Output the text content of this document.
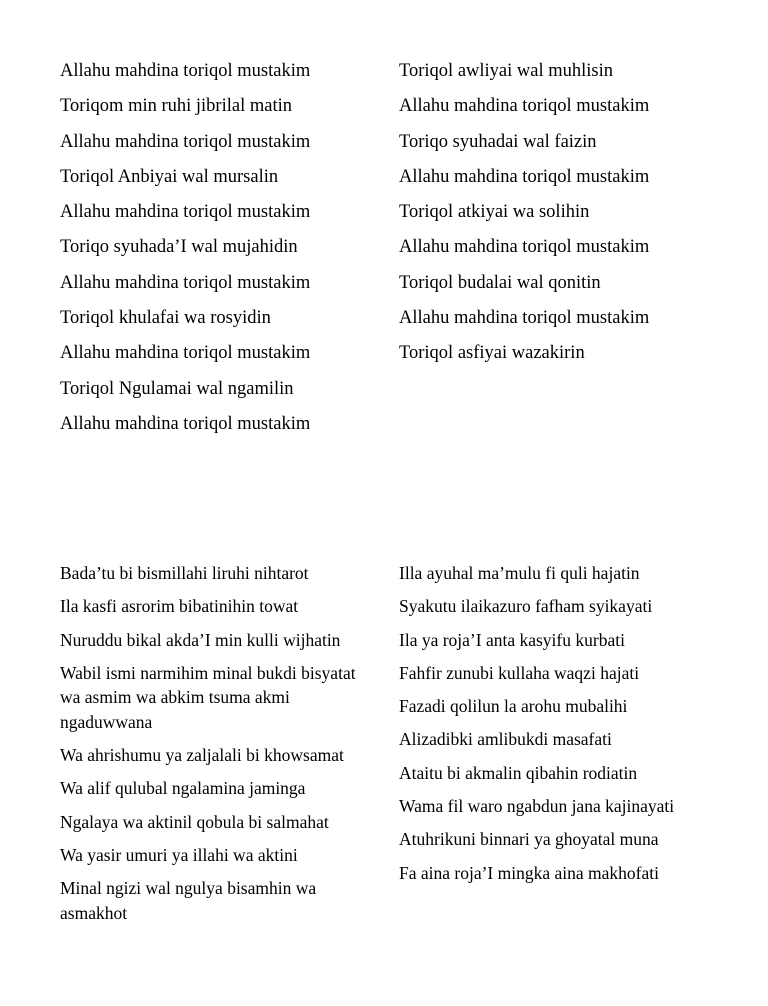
Allahu mahdina toriqol mustakim
Toriqom min ruhi jibrilal matin
Allahu mahdina toriqol mustakim
Toriqol Anbiyai wal mursalin
Allahu mahdina toriqol mustakim
Toriqo syuhada’I wal mujahidin
Allahu mahdina toriqol mustakim
Toriqol khulafai wa rosyidin
Allahu mahdina toriqol mustakim
Toriqol Ngulamai wal ngamilin
Allahu mahdina toriqol mustakim
Toriqol awliyai wal muhlisin
Allahu mahdina toriqol mustakim
Toriqo syuhadai wal faizin
Allahu mahdina toriqol mustakim
Toriqol atkiyai wa solihin
Allahu mahdina toriqol mustakim
Toriqol budalai wal qonitin
Allahu mahdina toriqol mustakim
Toriqol asfiyai wazakirin
Bada’tu bi bismillahi liruhi nihtarot
Ila kasfi asrorim bibatinihin towat
Nuruddu bikal akda’I min kulli wijhatin
Wabil ismi narmihim minal bukdi bisyatat wa asmim wa abkim tsuma akmi ngaduwwana
Wa ahrishumu ya zaljalali bi khowsamat
Wa alif qulubal ngalamina jaminga
Ngalaya wa aktinil qobula bi salmahat
Wa yasir umuri ya illahi wa aktini
Minal ngizi wal ngulya bisamhin wa asmakhot
Illa ayuhal ma’mulu fi quli hajatin
Syakutu ilaikazuro fafham syikayati
Ila ya roja’I anta kasyifu kurbati
Fahfir zunubi kullaha waqzi hajati
Fazadi qolilun la arohu mubalihi
Alizadibki amlibukdi masafati
Ataitu bi akmalin qibahin rodiatin
Wama fil waro ngabdun jana kajinayati
Atuhrikuni binnari ya ghoyatal muna
Fa aina roja’I mingka aina makhofati
